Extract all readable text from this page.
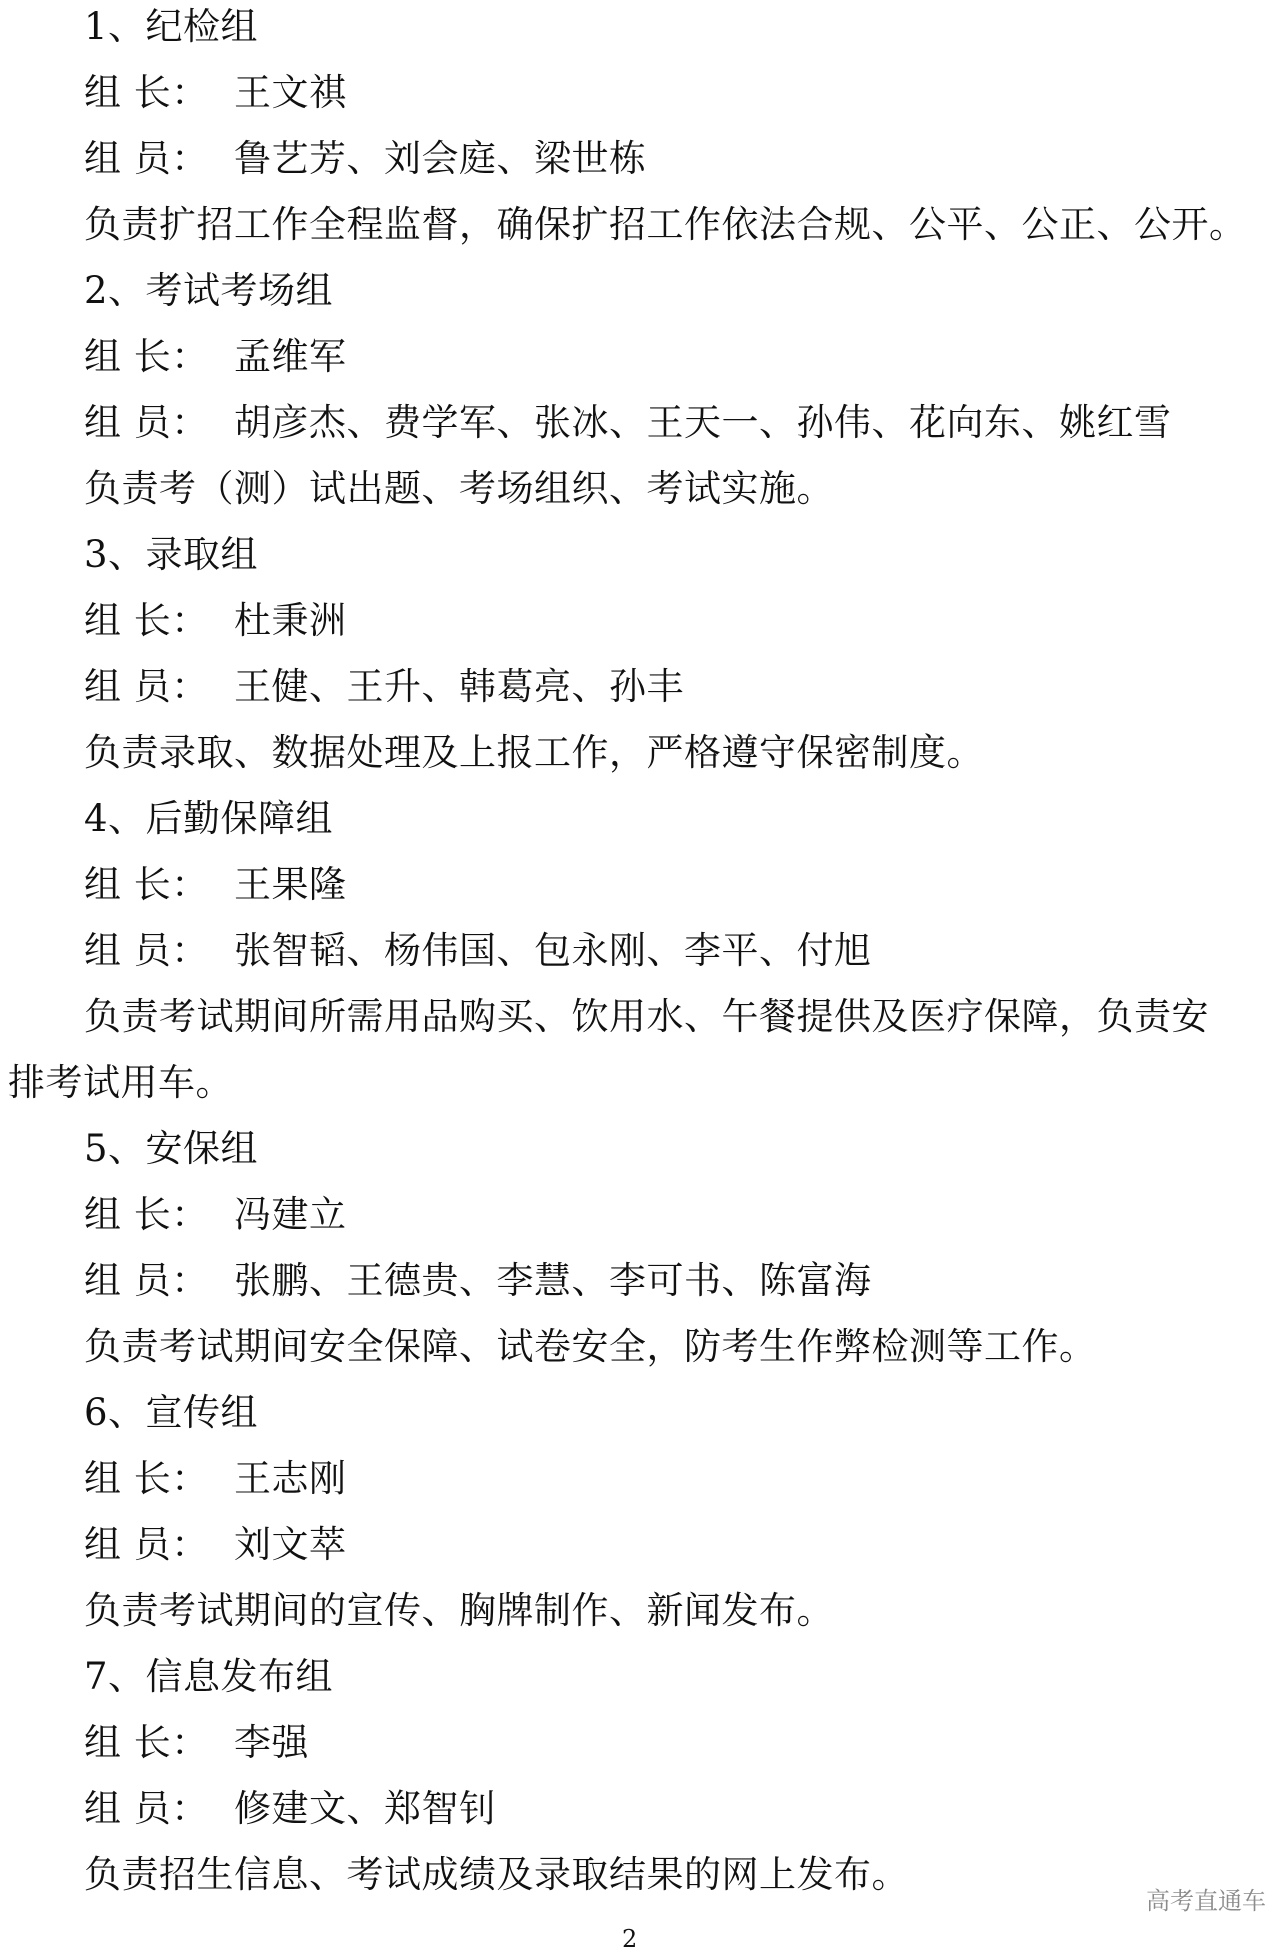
1、纪检组
组 长： 王文祺
组 员： 鲁艺芳、刘会庭、梁世栋
负责扩招工作全程监督，确保扩招工作依法合规、公平、公正、公开。
2、考试考场组
组 长： 孟维军
组 员： 胡彦杰、费学军、张冰、王天一、孙伟、花向东、姚红雪
负责考（测）试出题、考场组织、考试实施。
3、录取组
组 长： 杜秉洲
组 员： 王健、王升、韩葛亮、孙丰
负责录取、数据处理及上报工作，严格遵守保密制度。
4、后勤保障组
组 长： 王果隆
组 员： 张智韬、杨伟国、包永刚、李平、付旭
负责考试期间所需用品购买、饮用水、午餐提供及医疗保障，负责安
排考试用车。
5、安保组
组 长： 冯建立
组 员： 张鹏、王德贵、李慧、李可书、陈富海
负责考试期间安全保障、试卷安全，防考生作弊检测等工作。
6、宣传组
组 长： 王志刚
组 员： 刘文萃
负责考试期间的宣传、胸牌制作、新闻发布。
7、信息发布组
组 长： 李强
组 员： 修建文、郑智钊
负责招生信息、考试成绩及录取结果的网上发布。
高考直通车
2
